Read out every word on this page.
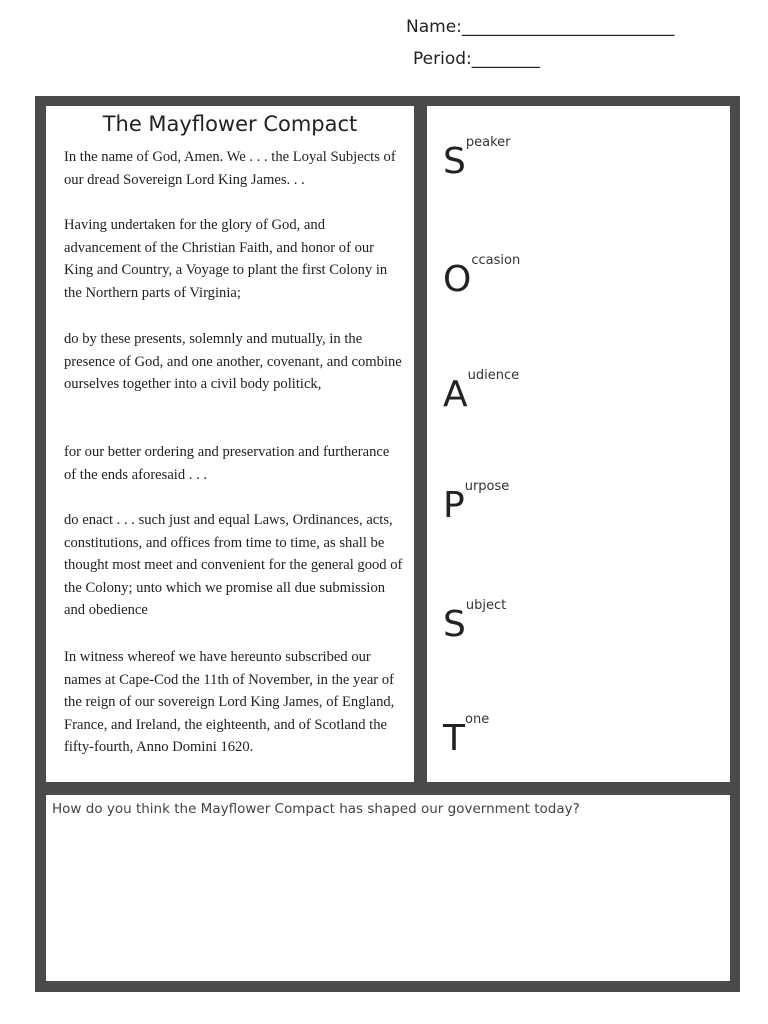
Name:_________________________
Period:________
The Mayflower Compact

In the name of God, Amen. We . . . the Loyal Subjects of our dread Sovereign Lord King James. . .

Having undertaken for the glory of God, and advancement of the Christian Faith, and honor of our King and Country, a Voyage to plant the first Colony in the Northern parts of Virginia;

do by these presents, solemnly and mutually, in the presence of God, and one another, covenant, and combine ourselves together into a civil body politick,

for our better ordering and preservation and furtherance of the ends aforesaid . . .

do enact . . . such just and equal Laws, Ordinances, acts, constitutions, and offices from time to time, as shall be thought most meet and convenient for the general good of the Colony; unto which we promise all due submission and obedience

In witness whereof we have hereunto subscribed our names at Cape-Cod the 11th of November, in the year of the reign of our sovereign Lord King James, of England, France, and Ireland, the eighteenth, and of Scotland the fifty-fourth, Anno Domini 1620.

$S^{peaker}$
$O^{ccasion}$
$A^{udience}$
$P^{urpose}$
$S^{ubject}$
$T^{one}$
How do you think the Mayflower Compact has shaped our government today?
